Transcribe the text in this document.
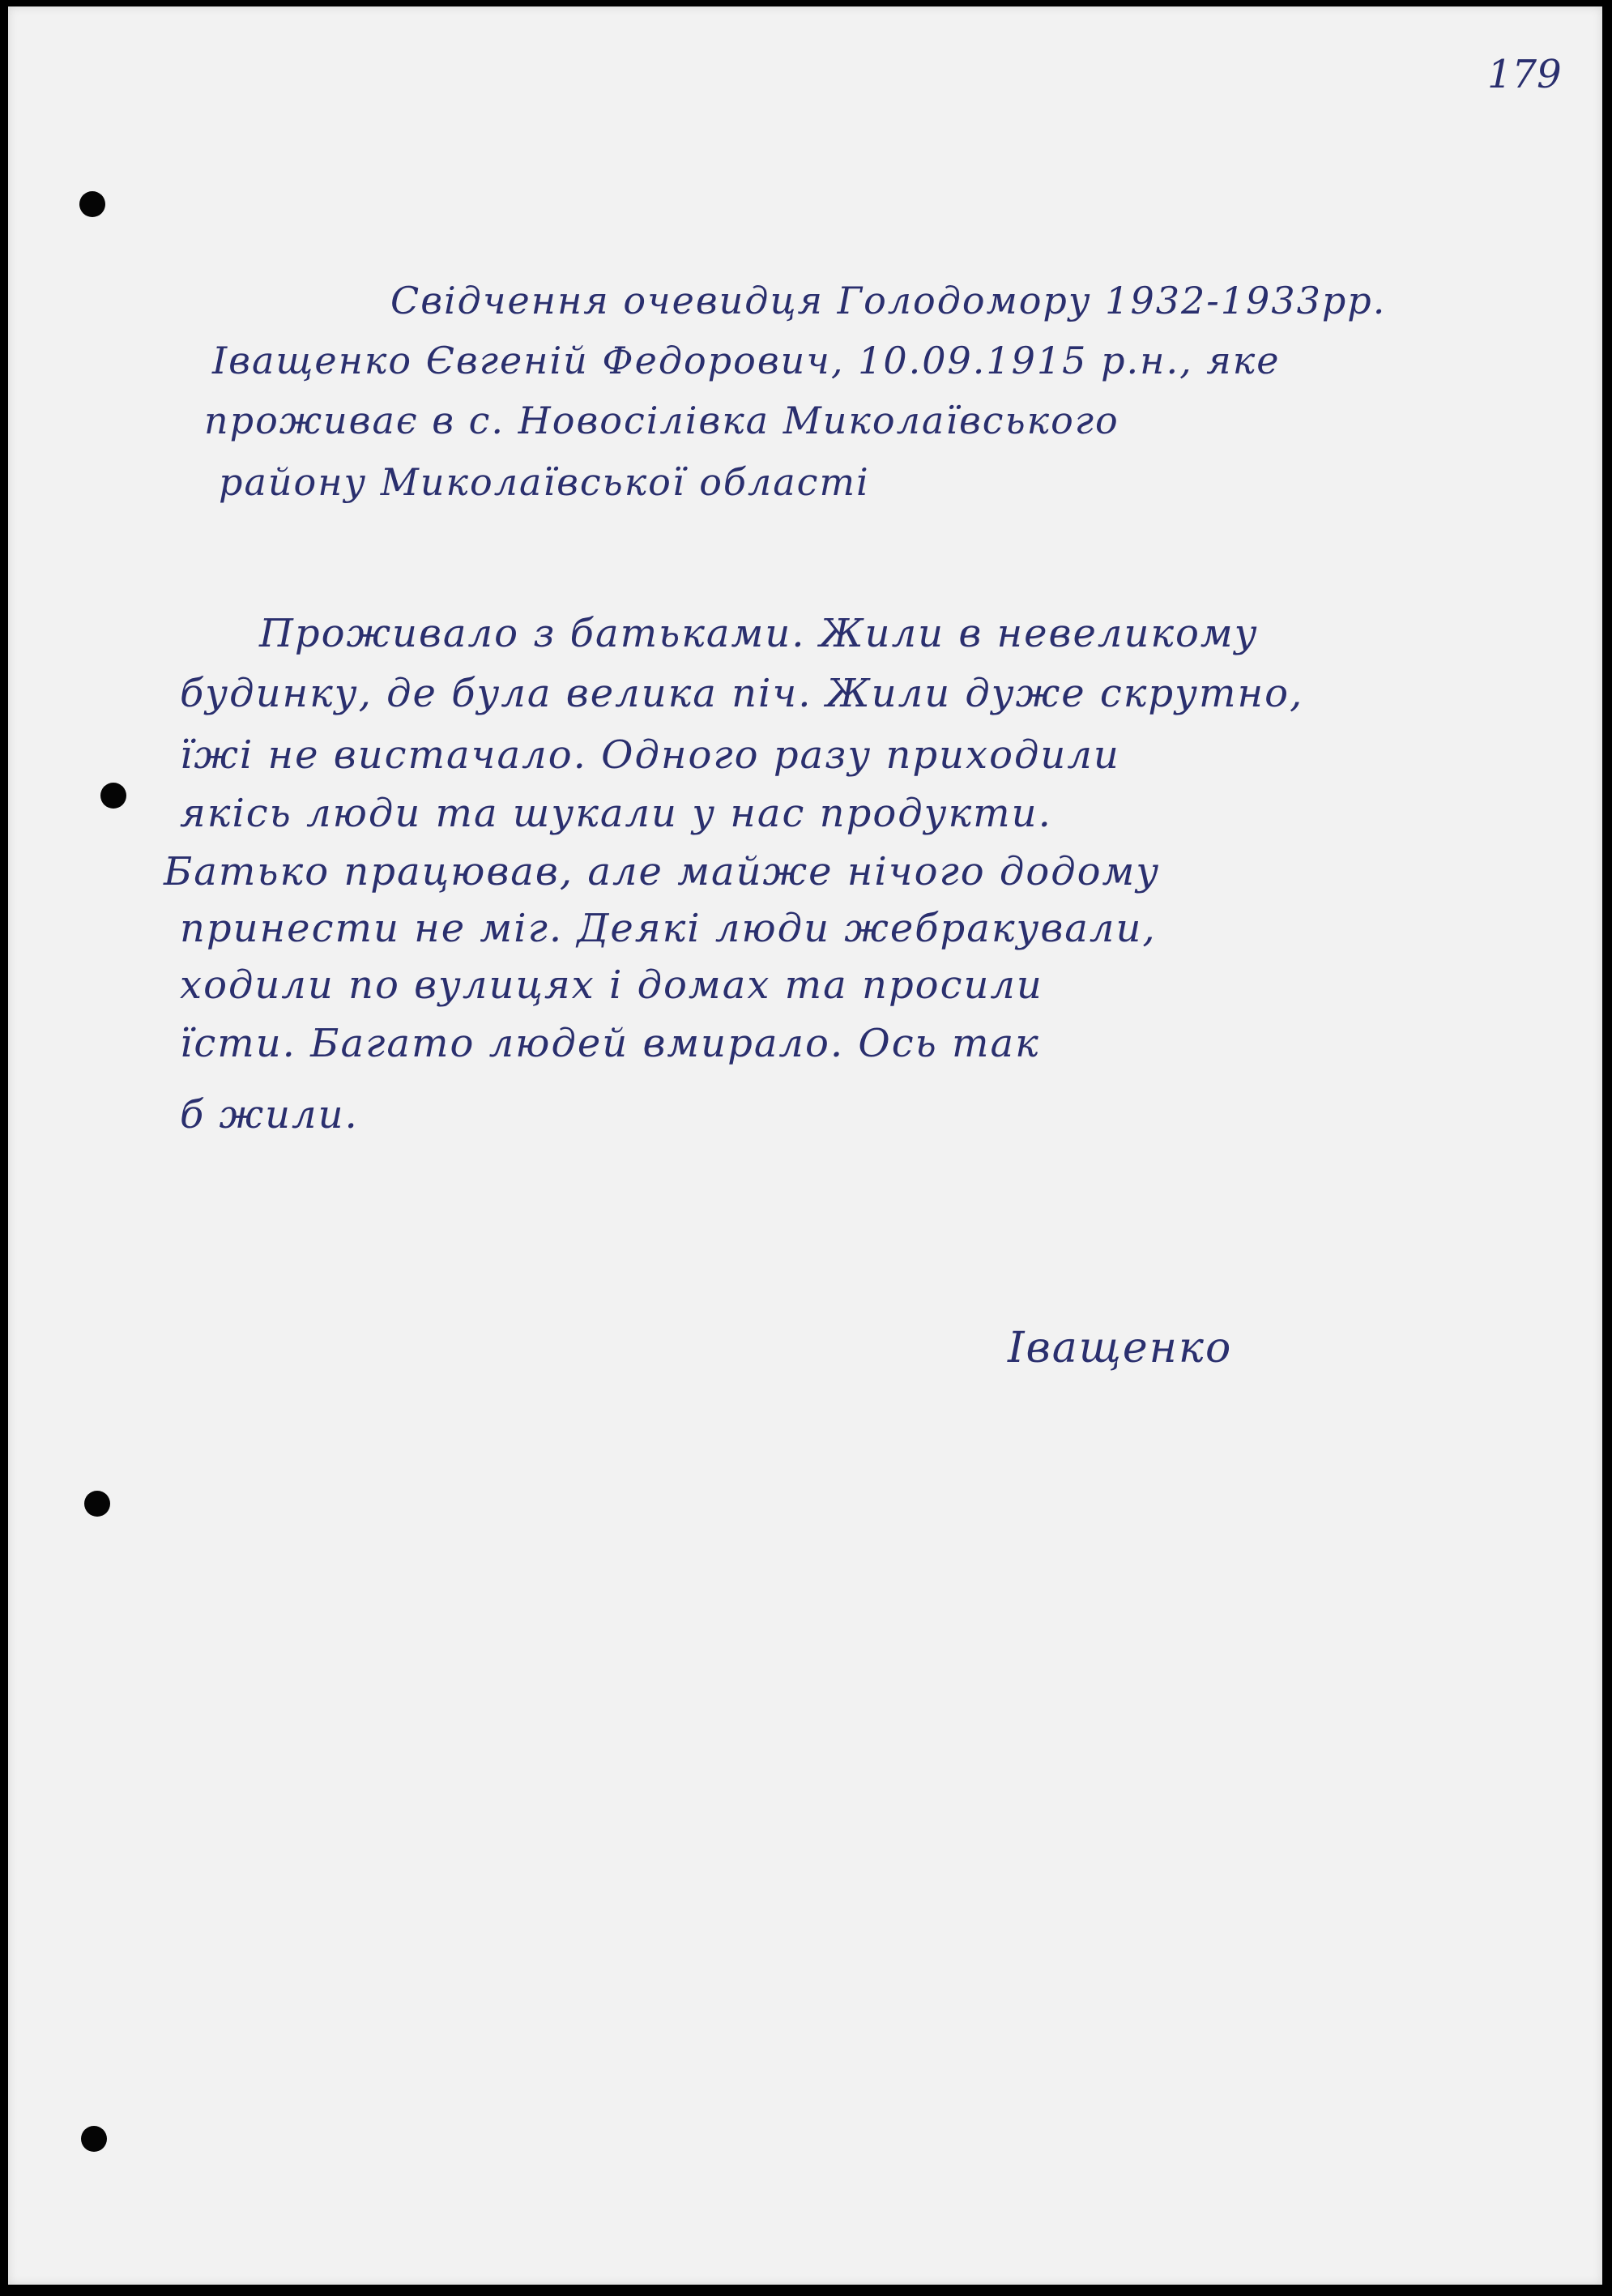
179
Свідчення очевидця Голодомору 1932-1933рр.
Іващенко Євгеній Федорович, 10.09.1915 р.н., яке
проживає в с. Новосілівка Миколаївського
району Миколаївської області
Проживало з батьками. Жили в невеликому
будинку, де була велика піч. Жили дуже скрутно,
їжі не вистачало. Одного разу приходили
якісь люди та шукали у нас продукти.
Батько працював, але майже нічого додому
принести не міг. Деякі люди жебракували,
ходили по вулицях і домах та просили
їсти. Багато людей вмирало. Ось так
б жили.
Іващенко
